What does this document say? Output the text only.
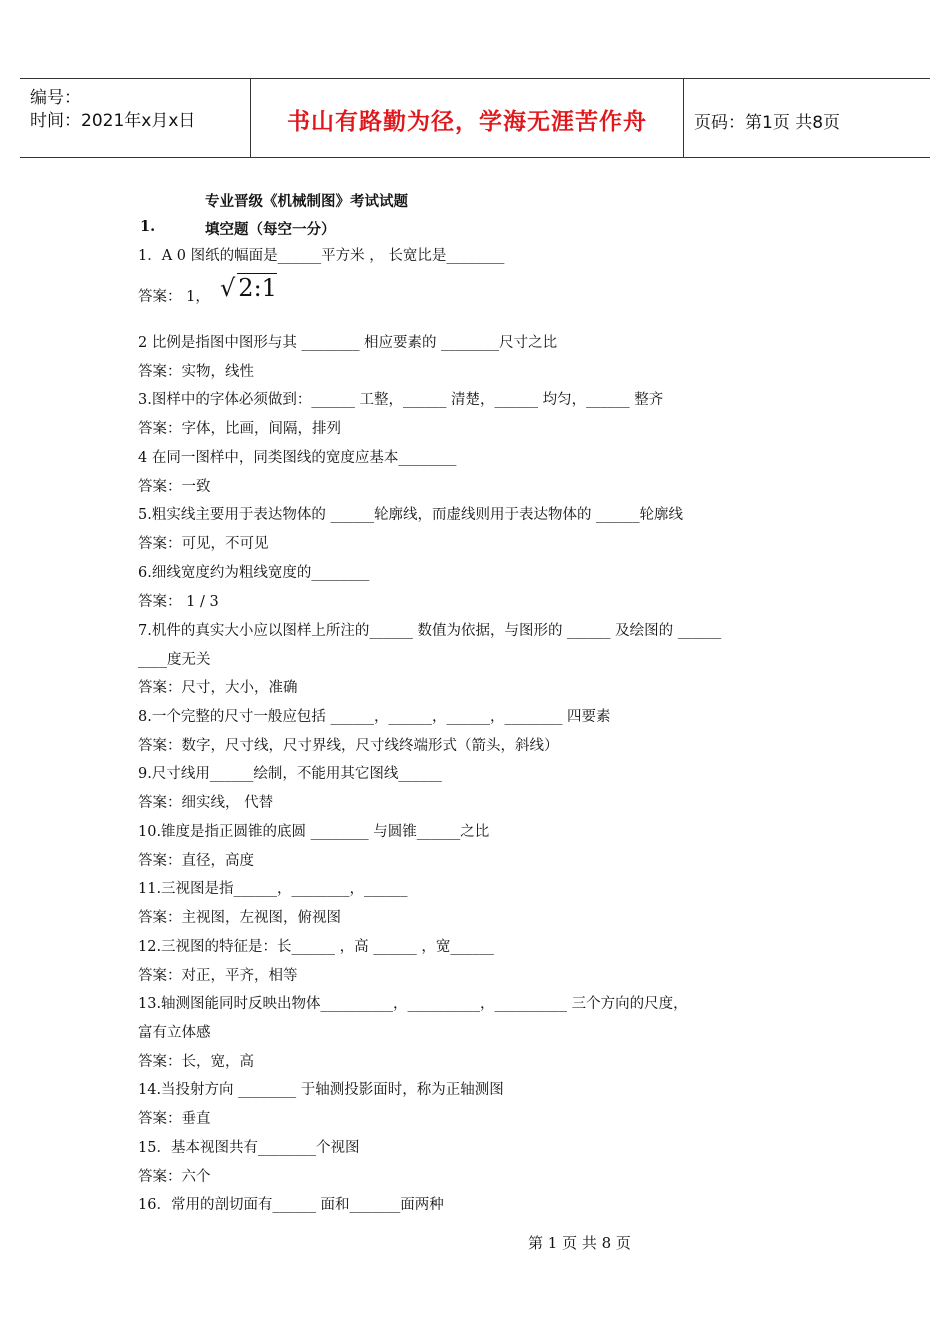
编号：
时间：2021年x月x日	书山有路勤为径，学海无涯苦作舟	页码：第1页 共8页
专业晋级《机械制图》考试试题
1.	填空题（每空一分）
1．A 0 图纸的幅面是______平方米 ， 长宽比是________
2 比例是指图中图形与其 ________ 相应要素的 ________尺寸之比
答案：实物，线性
3.图样中的字体必须做到：______ 工整，______ 清楚，______ 均匀，______ 整齐
答案：字体，比画，间隔，排列
4 在同一图样中，同类图线的宽度应基本________
答案：一致
5.粗实线主要用于表达物体的 ______轮廓线，而虚线则用于表达物体的 ______轮廓线
答案：可见，不可见
6.细线宽度约为粗线宽度的________
答案： 1 / 3
7.机件的真实大小应以图样上所注的______ 数值为依据，与图形的 ______ 及绘图的 ______
____度无关
答案：尺寸，大小，准确
8.一个完整的尺寸一般应包括 ______，______，______，________ 四要素
答案：数字，尺寸线，尺寸界线，尺寸线终端形式（箭头，斜线）
9.尺寸线用______绘制，不能用其它图线______
答案：细实线， 代替
10.锥度是指正圆锥的底圆 ________ 与圆锥______之比
答案：直径，高度
11.三视图是指______，________，______
答案：主视图，左视图，俯视图
12.三视图的特征是：长______ ，高 ______ ，宽______
答案：对正，平齐，相等
13.轴测图能同时反映出物体__________，__________，__________ 三个方向的尺度，
富有立体感
答案：长，宽，高
14.当投射方向 ________ 于轴测投影面时，称为正轴测图
答案：垂直
15．基本视图共有________个视图
答案：六个
16．常用的剖切面有______ 面和_______面两种
答案： 1， √ 2:1
第 1 页 共 8 页
